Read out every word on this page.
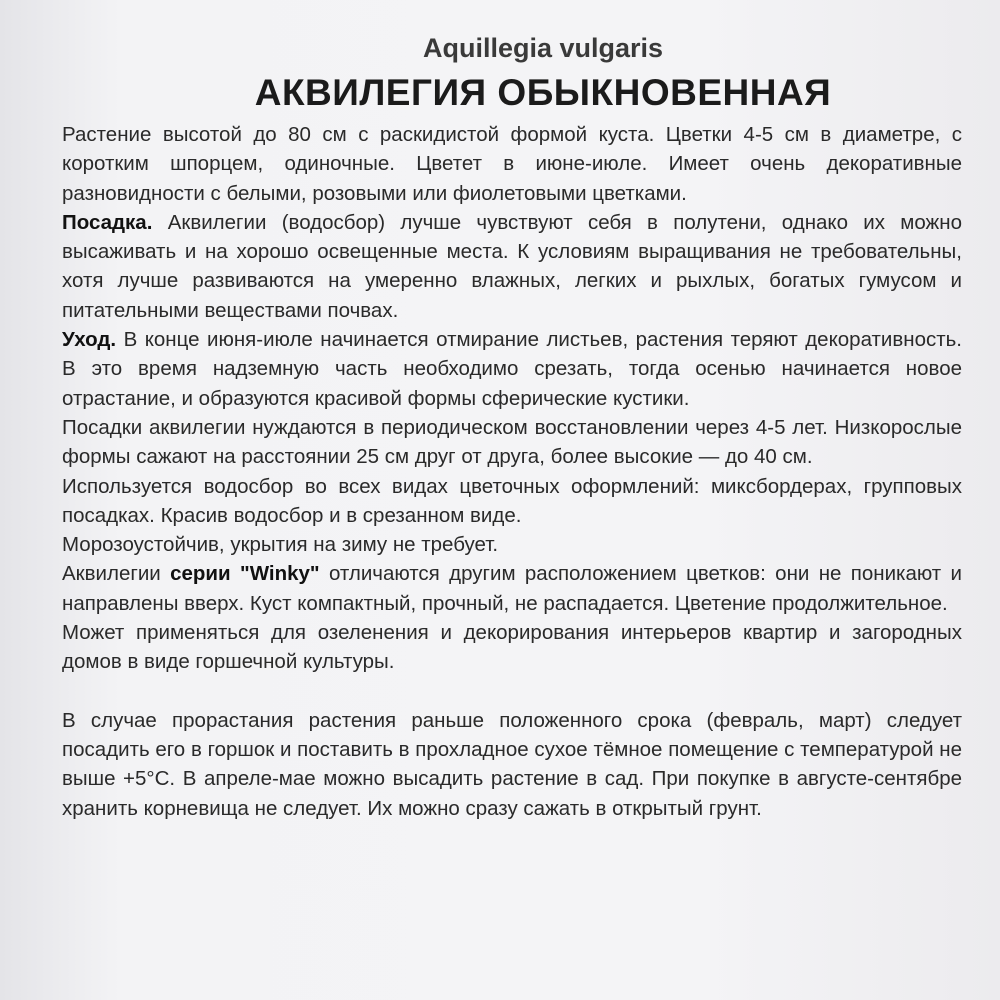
Aquillegia vulgaris
АКВИЛЕГИЯ ОБЫКНОВЕННАЯ

Растение высотой до 80 см с раскидистой формой куста. Цветки 4-5 см в диаметре, с коротким шпорцем, одиночные. Цветет в июне-июле. Имеет очень декоративные разновидности с белыми, розовыми или фиолетовыми цветками.

Посадка. Аквилегии (водосбор) лучше чувствуют себя в полутени, однако их можно высаживать и на хорошо освещенные места. К условиям выращивания не требовательны, хотя лучше развиваются на умеренно влажных, легких и рыхлых, богатых гумусом и питательными веществами почвах.

Уход. В конце июня-июле начинается отмирание листьев, растения теряют декоративность. В это время надземную часть необходимо срезать, тогда осенью начинается новое отрастание, и образуются красивой формы сферические кустики.

Посадки аквилегии нуждаются в периодическом восстановлении через 4-5 лет. Низкорослые формы сажают на расстоянии 25 см друг от друга, более высокие — до 40 см.

Используется водосбор во всех видах цветочных оформлений: миксбордерах, групповых посадках. Красив водосбор и в срезанном виде.

Морозоустойчив, укрытия на зиму не требует.

Аквилегии серии "Winky" отличаются другим расположением цветков: они не поникают и направлены вверх. Куст компактный, прочный, не распадается. Цветение продолжительное.

Может применяться для озеленения и декорирования интерьеров квартир и загородных домов в виде горшечной культуры.

В случае прорастания растения раньше положенного срока (февраль, март) следует посадить его в горшок и поставить в прохладное сухое тёмное помещение с температурой не выше +5°С. В апреле-мае можно высадить растение в сад. При покупке в августе-сентябре хранить корневища не следует. Их можно сразу сажать в открытый грунт.
